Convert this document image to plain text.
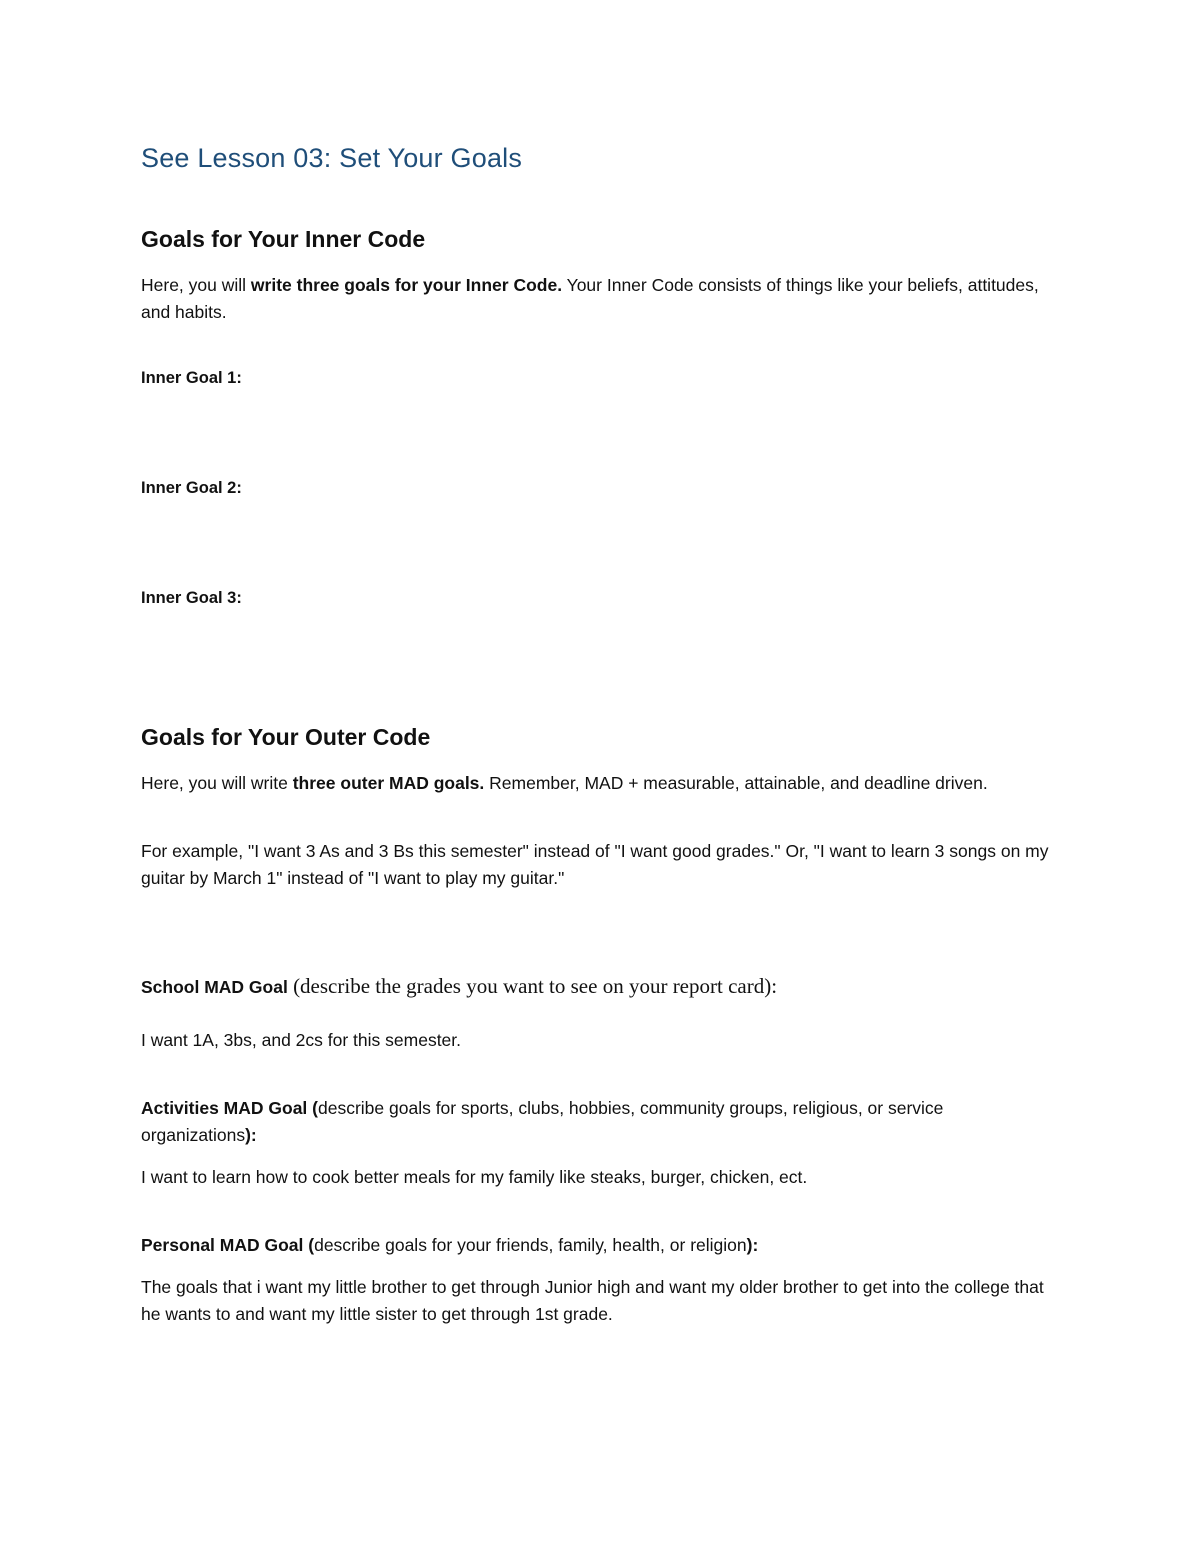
See Lesson 03: Set Your Goals
Goals for Your Inner Code

Here, you will write three goals for your Inner Code. Your Inner Code consists of things like your beliefs, attitudes, and habits.

Inner Goal 1:
Inner Goal 2:
Inner Goal 3:
Goals for Your Outer Code

Here, you will write three outer MAD goals. Remember, MAD + measurable, attainable, and deadline driven.

For example, "I want 3 As and 3 Bs this semester" instead of "I want good grades." Or, "I want to learn 3 songs on my guitar by March 1" instead of "I want to play my guitar."

School MAD Goal (describe the grades you want to see on your report card):

I want 1A, 3bs, and 2cs for this semester.

Activities MAD Goal (describe goals for sports, clubs, hobbies, community groups, religious, or service organizations):

I want to learn how to cook better meals for my family like steaks, burger, chicken, ect.

Personal MAD Goal (describe goals for your friends, family, health, or religion):

The goals that i want my little brother to get through Junior high and want my older brother to get into the college that he wants to and want my little sister to get through 1st grade.
